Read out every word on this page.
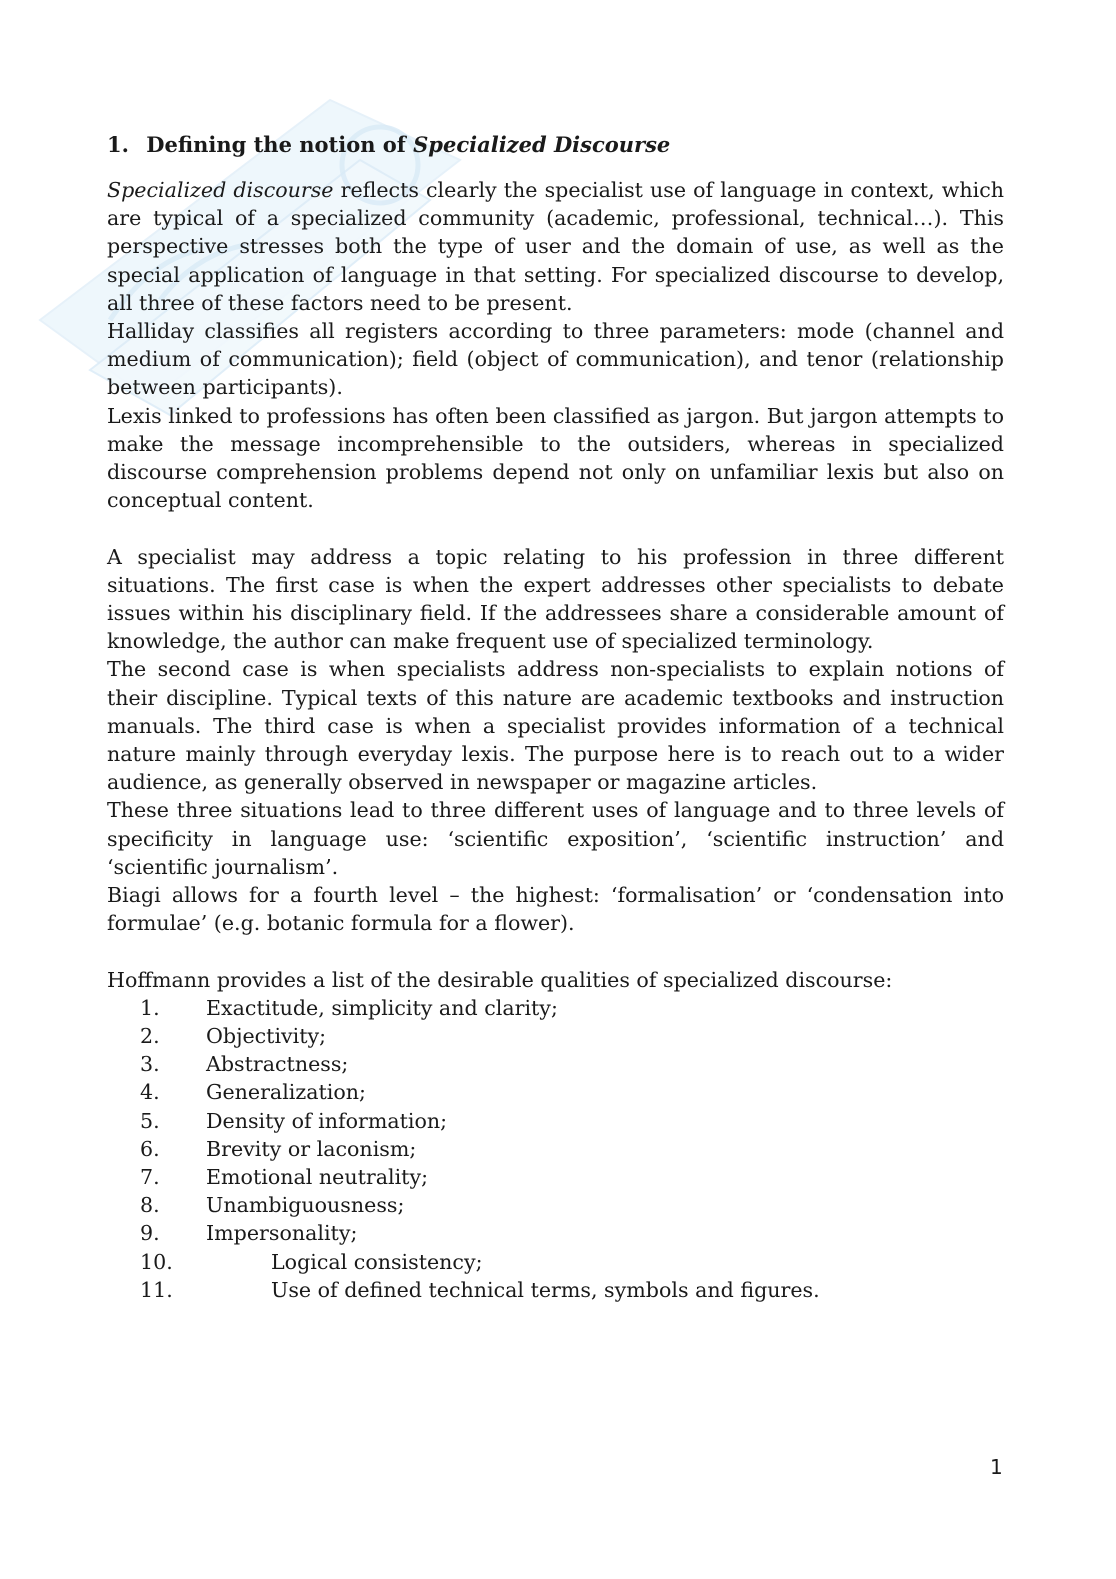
1. Defining the notion of Specialized Discourse

Specialized discourse reflects clearly the specialist use of language in context, which are typical of a specialized community (academic, professional, technical…). This perspective stresses both the type of user and the domain of use, as well as the special application of language in that setting. For specialized discourse to develop, all three of these factors need to be present.

Halliday classifies all registers according to three parameters: mode (channel and medium of communication); field (object of communication), and tenor (relationship between participants).

Lexis linked to professions has often been classified as jargon. But jargon attempts to make the message incomprehensible to the outsiders, whereas in specialized discourse comprehension problems depend not only on unfamiliar lexis but also on conceptual content.

A specialist may address a topic relating to his profession in three different situations. The first case is when the expert addresses other specialists to debate issues within his disciplinary field. If the addressees share a considerable amount of knowledge, the author can make frequent use of specialized terminology.

The second case is when specialists address non-specialists to explain notions of their discipline. Typical texts of this nature are academic textbooks and instruction manuals. The third case is when a specialist provides information of a technical nature mainly through everyday lexis. The purpose here is to reach out to a wider audience, as generally observed in newspaper or magazine articles.

These three situations lead to three different uses of language and to three levels of specificity in language use: ‘scientific exposition’, ‘scientific instruction’ and ‘scientific journalism’.

Biagi allows for a fourth level – the highest: ‘formalisation’ or ‘condensation into formulae’ (e.g. botanic formula for a flower).

Hoffmann provides a list of the desirable qualities of specialized discourse:

1.	Exactitude, simplicity and clarity;
2.	Objectivity;
3.	Abstractness;
4.	Generalization;
5.	Density of information;
6.	Brevity or laconism;
7.	Emotional neutrality;
8.	Unambiguousness;
9.	Impersonality;
10.	Logical consistency;
11.	Use of defined technical terms, symbols and figures.
1
